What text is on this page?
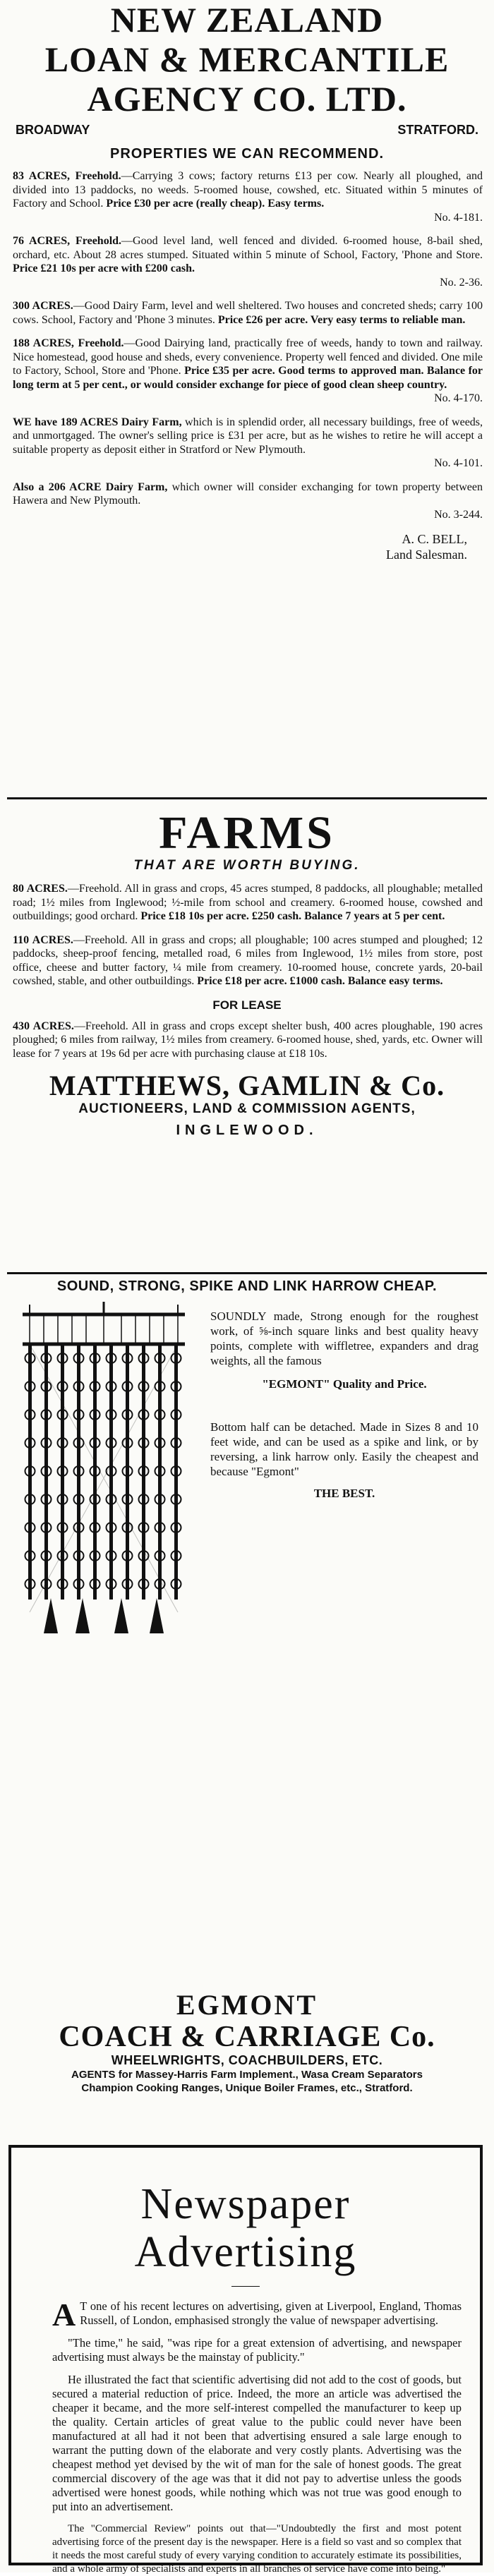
NEW ZEALAND
LOAN & MERCANTILE
AGENCY CO. LTD.
BROADWAY	STRATFORD.
PROPERTIES WE CAN RECOMMEND.
83 ACRES, Freehold.—Carrying 3 cows; factory returns £13 per cow. Nearly all ploughed, and divided into 13 paddocks, no weeds. 5-roomed house, cowshed, etc. Situated within 5 minutes of Factory and School. Price £30 per acre (really cheap). Easy terms.
No. 4-181.
76 ACRES, Freehold.—Good level land, well fenced and divided. 6-roomed house, 8-bail shed, orchard, etc. About 28 acres stumped. Situated within 5 minute of School, Factory, 'Phone and Store. Price £21 10s per acre with £200 cash.
No. 2-36.
300 ACRES.—Good Dairy Farm, level and well sheltered. Two houses and concreted sheds; carry 100 cows. School, Factory and 'Phone 3 minutes. Price £26 per acre. Very easy terms to reliable man.
188 ACRES, Freehold.—Good Dairying land, practically free of weeds, handy to town and railway. Nice homestead, good house and sheds, every convenience. Property well fenced and divided. One mile to Factory, School, Store and 'Phone. Price £35 per acre. Good terms to approved man. Balance for long term at 5 per cent., or would consider exchange for piece of good clean sheep country.
No. 4-170.
WE have 189 ACRES Dairy Farm, which is in splendid order, all necessary buildings, free of weeds, and unmortgaged. The owner's selling price is £31 per acre, but as he wishes to retire he will accept a suitable property as deposit either in Stratford or New Plymouth.
No. 4-101.
Also a 206 ACRE Dairy Farm, which owner will consider exchanging for town property between Hawera and New Plymouth.
No. 3-244.
A. C. BELL,
Land Salesman.
FARMS
THAT ARE WORTH BUYING.
80 ACRES.—Freehold. All in grass and crops, 45 acres stumped, 8 paddocks, all ploughable; metalled road; 1½ miles from Inglewood; ½-mile from school and creamery. 6-roomed house, cowshed and outbuildings; good orchard. Price £18 10s per acre. £250 cash. Balance 7 years at 5 per cent.
110 ACRES.—Freehold. All in grass and crops; all ploughable; 100 acres stumped and ploughed; 12 paddocks, sheep-proof fencing, metalled road, 6 miles from Inglewood, 1½ miles from store, post office, cheese and butter factory, ¼ mile from creamery. 10-roomed house, concrete yards, 20-bail cowshed, stable, and other outbuildings. Price £18 per acre. £1000 cash. Balance easy terms.
FOR LEASE
430 ACRES.—Freehold. All in grass and crops except shelter bush, 400 acres ploughable, 190 acres ploughed; 6 miles from railway, 1½ miles from creamery. 6-roomed house, shed, yards, etc. Owner will lease for 7 years at 19s 6d per acre with purchasing clause at £18 10s.
MATTHEWS, GAMLIN & Co.
AUCTIONEERS, LAND & COMMISSION AGENTS,
INGLEWOOD.
SOUND, STRONG, SPIKE AND LINK HARROW CHEAP.

SOUNDLY made, Strong enough for the roughest work, of ⅝-inch square links and best quality heavy points, complete with wiffletree, expanders and drag weights, all the famous

"EGMONT" Quality and Price.

Bottom half can be detached. Made in Sizes 8 and 10 feet wide, and can be used as a spike and link, or by reversing, a link harrow only. Easily the cheapest and because "Egmont"

THE BEST.

EGMONT
COACH & CARRIAGE Co.
WHEELWRIGHTS, COACHBUILDERS, ETC.
AGENTS for Massey-Harris Farm Implement., Wasa Cream Separators
Champion Cooking Ranges, Unique Boiler Frames, etc., Stratford.
Newspaper
Advertising

A T one of his recent lectures on advertising, given at Liverpool, England, Thomas Russell, of London, emphasised strongly the value of newspaper advertising.

"The time," he said, "was ripe for a great extension of advertising, and newspaper advertising must always be the mainstay of publicity."

He illustrated the fact that scientific advertising did not add to the cost of goods, but secured a material reduction of price. Indeed, the more an article was advertised the cheaper it became, and the more self-interest compelled the manufacturer to keep up the quality. Certain articles of great value to the public could never have been manufactured at all had it not been that advertising ensured a sale large enough to warrant the putting down of the elaborate and very costly plants. Advertising was the cheapest method yet devised by the wit of man for the sale of honest goods. The great commercial discovery of the age was that it did not pay to advertise unless the goods advertised were honest goods, while nothing which was not true was good enough to put into an advertisement.

The "Commercial Review" points out that—"Undoubtedly the first and most potent advertising force of the present day is the newspaper. Here is a field so vast and so complex that it needs the most careful study of every varying condition to accurately estimate its possibilities, and a whole army of specialists and experts in all branches of service have come into being."
